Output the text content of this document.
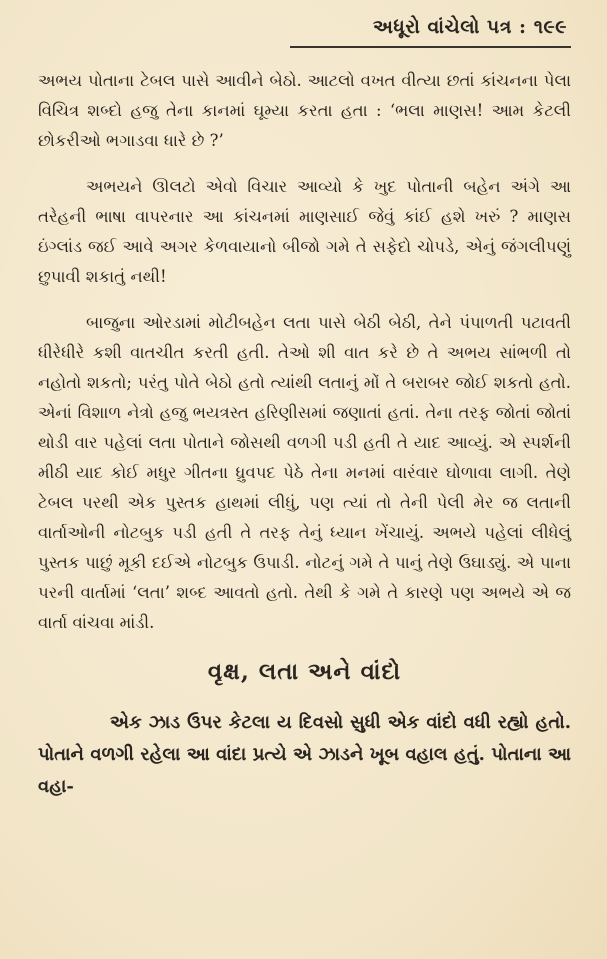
અધૂરો વાંચેલો પત્ર : ૧૯૯

અભય પોતાના ટેબલ પાસે આવીને બેઠો. આટલો વખત વીત્યા છતાં કાંચનના પેલા વિચિત્ર શબ્દો હજુ તેના કાનમાં ઘૂમ્યા કરતા હતા : ‘ભલા માણસ! આમ કેટલી છોકરીઓ ભગાડવા ધારે છે ?’

અભયને ઊલટો એવો વિચાર આવ્યો કે ખુદ પોતાની બહેન અંગે આ તરેહની ભાષા વાપરનાર આ કાંચનમાં માણસાઈ જેવું કાંઈ હશે ખરું ? માણસ ઇંગ્લાંડ જઈ આવે અગર કેળવાયાનો બીજો ગમે તે સફેદો ચોપડે, એનું જંગલીપણું છુપાવી શકાતું નથી!

બાજુના ઓરડામાં મોટીબહેન લતા પાસે બેઠી બેઠી, તેને પંપાળતી પટાવતી ધીરેધીરે કશી વાતચીત કરતી હતી. તેઓ શી વાત કરે છે તે અભય સાંભળી તો નહોતો શકતો; પરંતુ પોતે બેઠો હતો ત્યાંથી લતાનું મોં તે બરાબર જોઈ શકતો હતો. એનાં વિશાળ નેત્રો હજુ ભયત્રસ્ત હરિણીસમાં જણાતાં હતાં. તેના તરફ જોતાં જોતાં થોડી વાર પહેલાં લતા પોતાને જોસથી વળગી પડી હતી તે યાદ આવ્યું. એ સ્પર્શની મીઠી યાદ કોઈ મધુર ગીતના ધ્રુવપદ પેઠે તેના મનમાં વારંવાર ઘોળાવા લાગી. તેણે ટેબલ પરથી એક પુસ્તક હાથમાં લીધું, પણ ત્યાં તો તેની પેલી મેર જ લતાની વાર્તાઓની નોટબુક પડી હતી તે તરફ તેનું ધ્યાન ખેંચાયું. અભયે પહેલાં લીધેલું પુસ્તક પાછું મૂકી દઈએ નોટબુક ઉપાડી. નોટનું ગમે તે પાનું તેણે ઉઘાડ્યું. એ પાના પરની વાર્તામાં ‘લતા’ શબ્દ આવતો હતો. તેથી કે ગમે તે કારણે પણ અભયે એ જ વાર્તા વાંચવા માંડી.

વૃક્ષ, લતા અને વાંદો

એક ઝાડ ઉપર કેટલા ય દિવસો સુધી એક વાંદો વધી રહ્યો હતો. પોતાને વળગી રહેલા આ વાંદા પ્રત્યે એ ઝાડને ખૂબ વહાલ હતું. પોતાના આ વહા-
